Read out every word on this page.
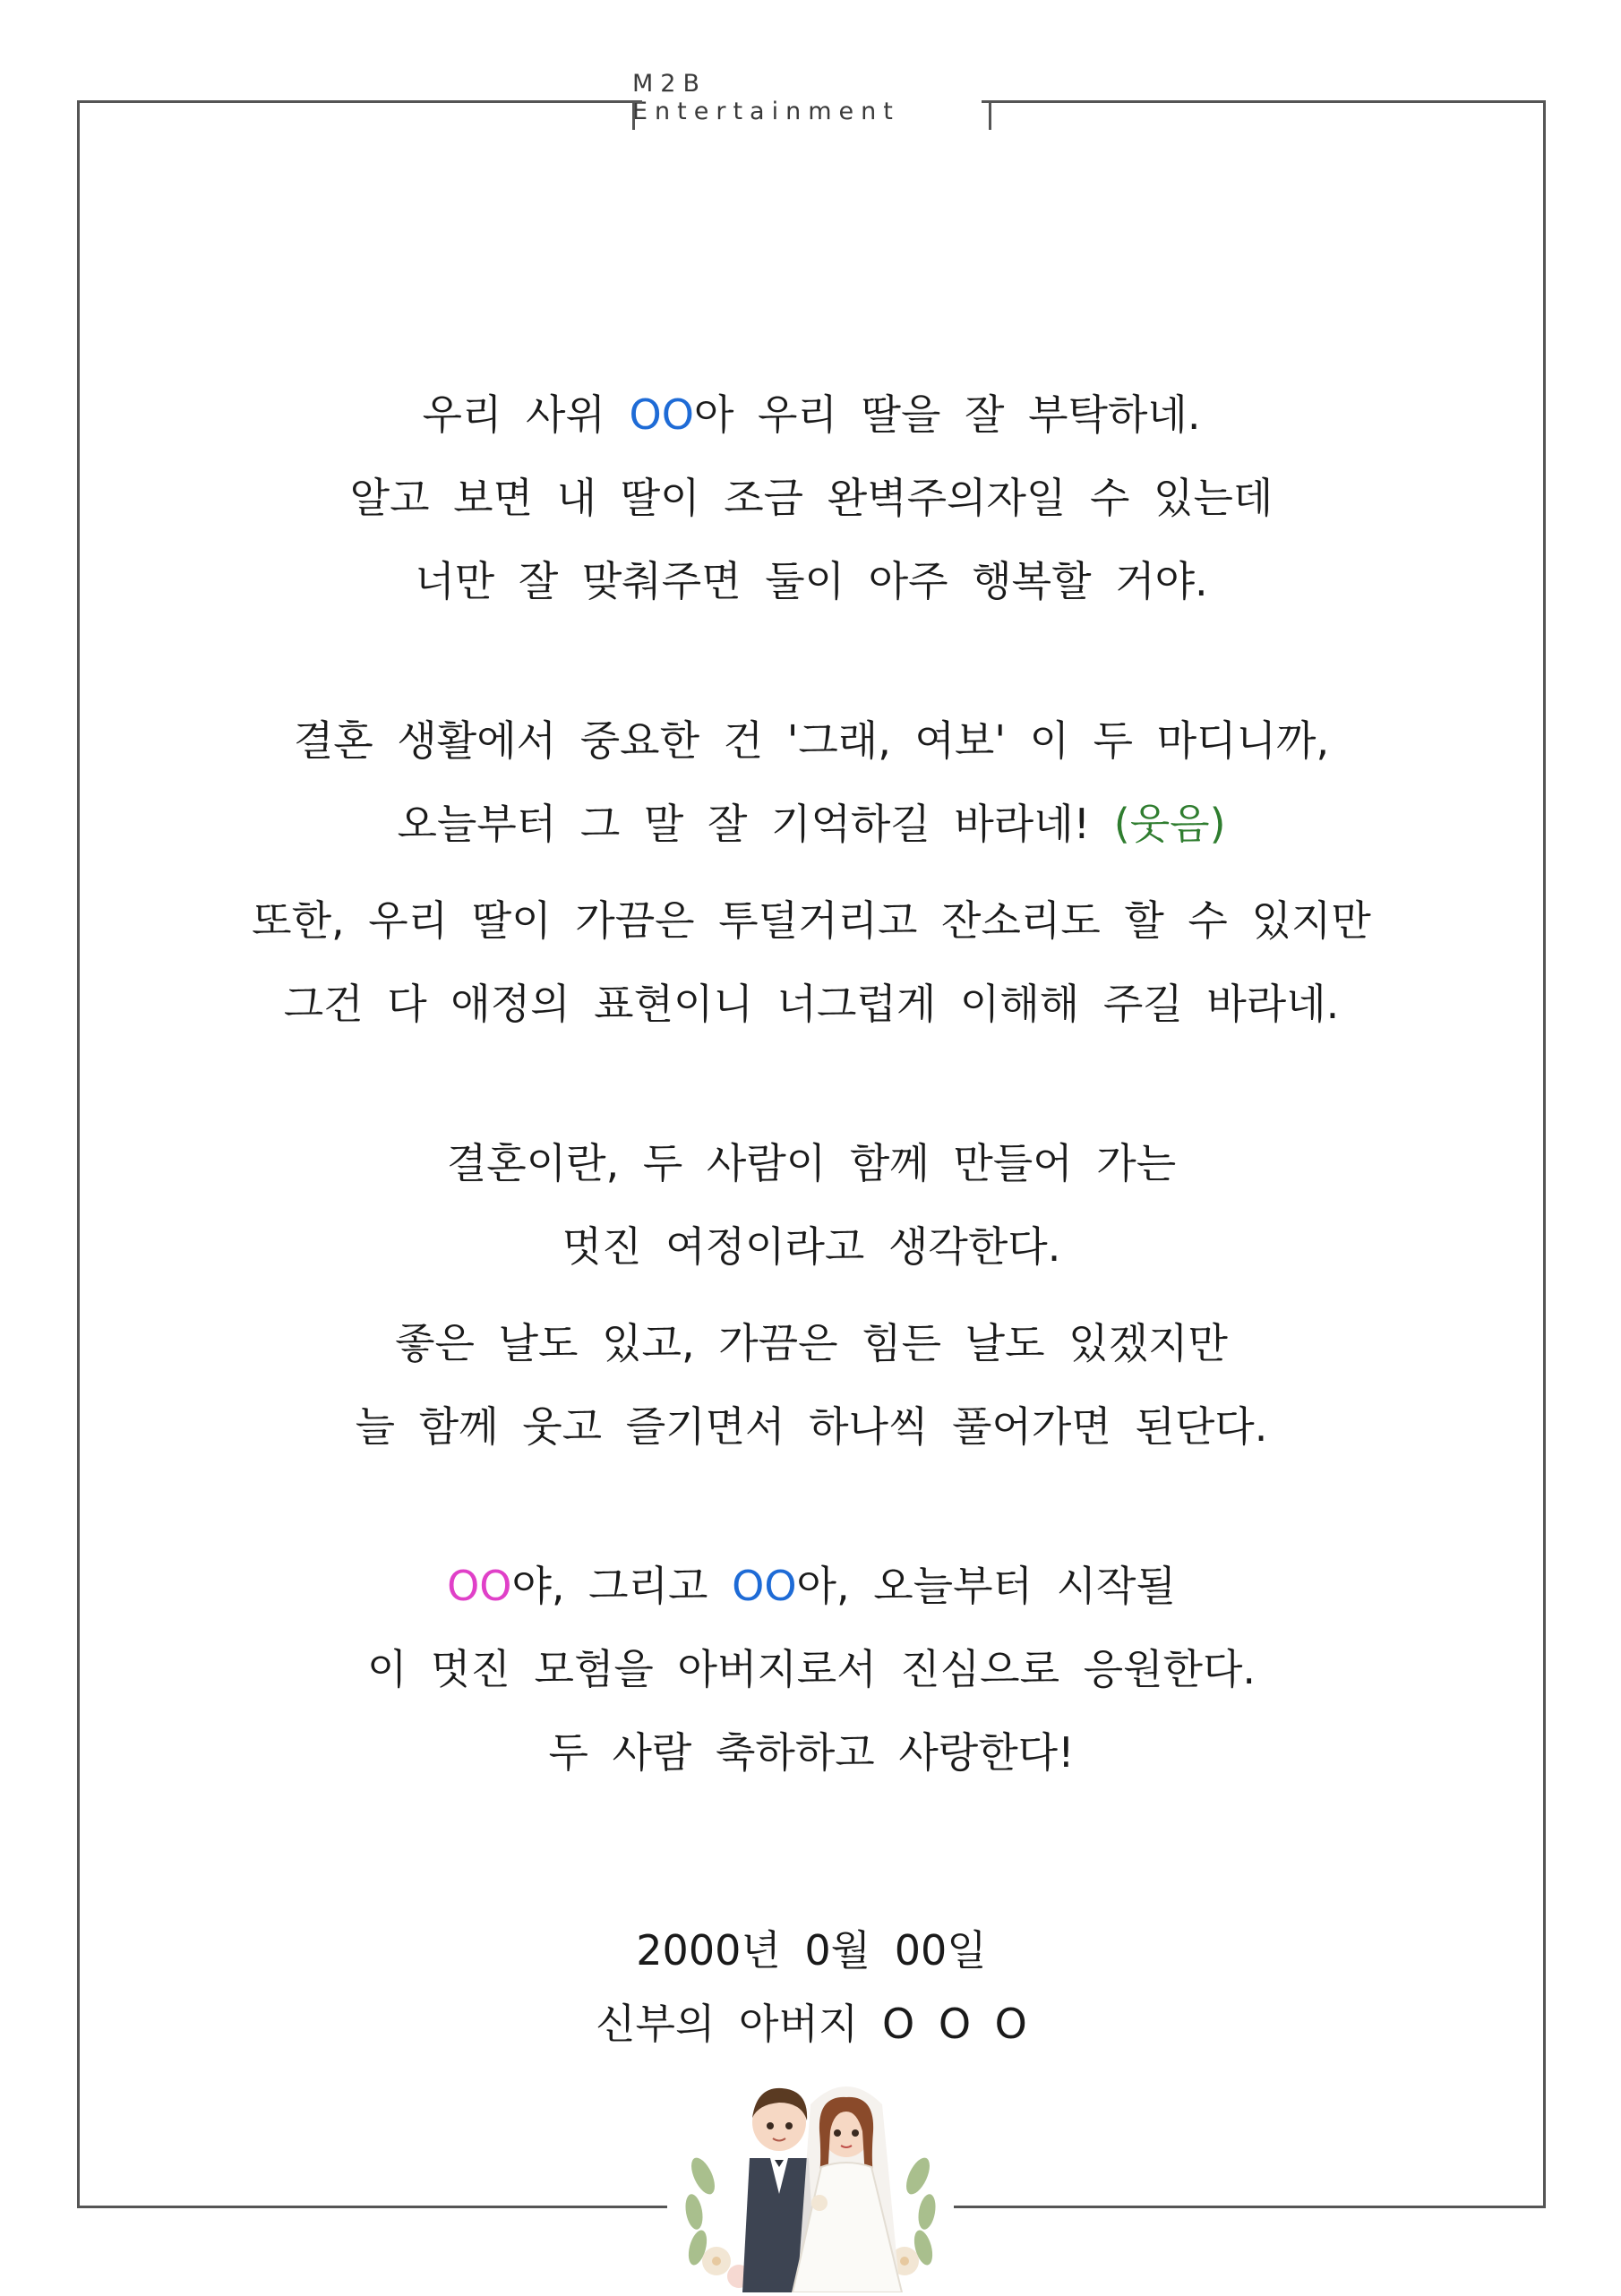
M2B Entertainment
우리 사위 OO아 우리 딸을 잘 부탁하네.
알고 보면 내 딸이 조금 완벽주의자일 수 있는데
너만 잘 맞춰주면 둘이 아주 행복할 거야.
결혼 생활에서 중요한 건 '그래, 여보' 이 두 마디니까,
오늘부터 그 말 잘 기억하길 바라네! (웃음)
또한, 우리 딸이 가끔은 투덜거리고 잔소리도 할 수 있지만
그건 다 애정의 표현이니 너그럽게 이해해 주길 바라네.
결혼이란, 두 사람이 함께 만들어 가는
멋진 여정이라고 생각한다.
좋은 날도 있고, 가끔은 힘든 날도 있겠지만
늘 함께 웃고 즐기면서 하나씩 풀어가면 된단다.
OO야, 그리고 OO아, 오늘부터 시작될
이 멋진 모험을 아버지로서 진심으로 응원한다.
두 사람 축하하고 사랑한다!
2000년 0월 00일
신부의 아버지 O O O
